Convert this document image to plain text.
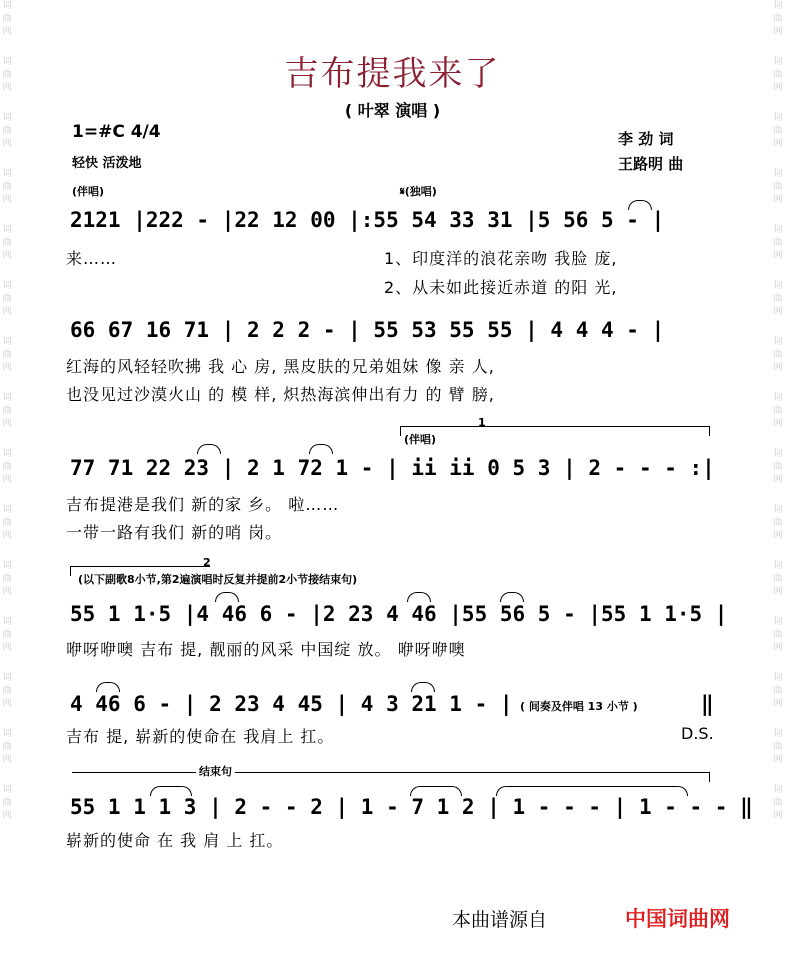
词曲网
词曲网
词曲网
词曲网
词曲网
词曲网
词曲网
词曲网
词曲网
词曲网
词曲网
词曲网
词曲网
词曲网
词曲网
词曲网
词曲网
词曲网
词曲网
词曲网
词曲网
词曲网
词曲网
词曲网
词曲网
词曲网
词曲网
词曲网
词曲网
词曲网
吉布提我来了
( 叶翠 演唱 )
1=#C 4/4
轻快 活泼地
李 劲 词
王路明 曲
(伴唱)	𝄋(独唱)
2121 |222 - |22 12 00 |:55 54 33 31 |5 56 5 - |
来……	1、印度洋的浪花亲吻 我脸 庞,
2、从未如此接近赤道 的阳 光,
66 67 16 71 | 2 2 2 - | 55 53 55 55 | 4 4 4 - |
红海的风轻轻吹拂 我 心 房, 黑皮肤的兄弟姐妹 像 亲 人,
也没见过沙漠火山 的 模 样, 炽热海滨伸出有力 的 臂 膀,
1
(伴唱)
77 71 22 23 | 2 1 72 1 - | ii ii 0 5 3 | 2 - - - :|
吉布提港是我们 新的家 乡。 啦……
一带一路有我们 新的哨 岗。
2
(以下副歌8小节,第2遍演唱时反复并提前2小节接结束句)
55 1 1·5 |4 46 6 - |2 23 4 46 |55 56 5 - |55 1 1·5 |
咿呀咿噢 吉布 提, 靓丽的风采 中国绽 放。 咿呀咿噢
4 46 6 - | 2 23 4 45 | 4 3 21 1 - | ( 间奏及伴唱 13 小节 )	‖
吉布 提, 崭新的使命在 我肩上 扛。	D.S.
结束句
55 1 1 1 3 | 2 - - 2 | 1 - 7 1 2 | 1 - - - | 1 - - - ‖
崭新的使命 在 我 肩 上 扛。
本曲谱源自	中国词曲网
